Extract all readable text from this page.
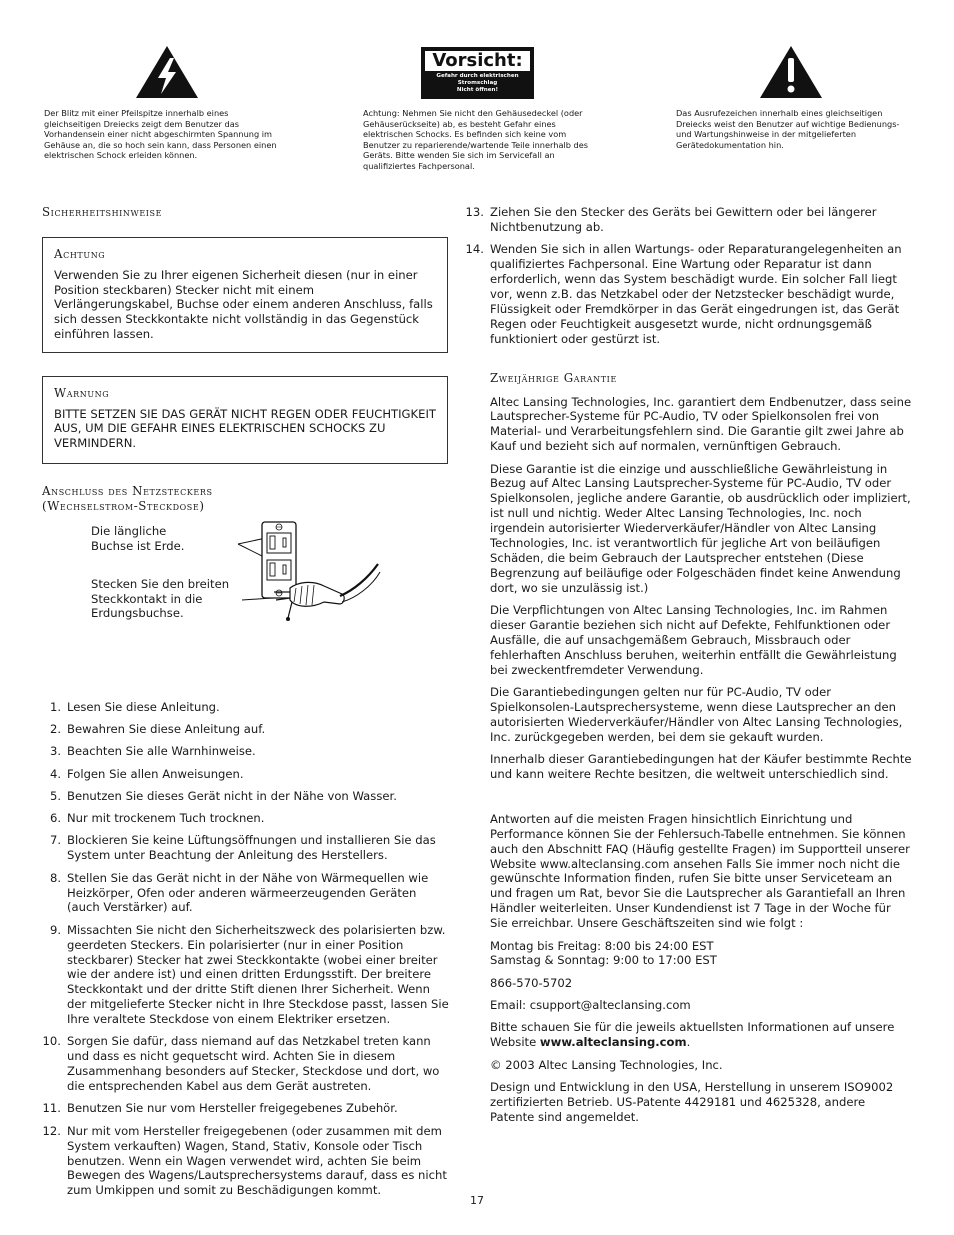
Der Blitz mit einer Pfeilspitze innerhalb eines gleichseitigen Dreiecks zeigt dem Benutzer das Vorhandensein einer nicht abgeschirmten Spannung im Gehäuse an, die so hoch sein kann, dass Personen einen elektrischen Schock erleiden können.

Vorsicht:
Gefahr durch elektrischen
Stromschlag
Nicht öffnen!

Achtung: Nehmen Sie nicht den Gehäusedeckel (oder Gehäuserückseite) ab, es besteht Gefahr eines elektrischen Schocks. Es befinden sich keine vom Benutzer zu reparierende/wartende Teile innerhalb des Geräts. Bitte wenden Sie sich im Servicefall an qualifiziertes Fachpersonal.

Das Ausrufezeichen innerhalb eines gleichseitigen Dreiecks weist den Benutzer auf wichtige Bedienungs- und Wartungshinweise in der mitgelieferten Gerätedokumentation hin.

Sicherheitshinweise
Achtung

Verwenden Sie zu Ihrer eigenen Sicherheit diesen (nur in einer Position steckbaren) Stecker nicht mit einem Verlängerungskabel, Buchse oder einem anderen Anschluss, falls sich dessen Steckkontakte nicht vollständig in das Gegenstück einführen lassen.

Warnung

BITTE SETZEN SIE DAS GERÄT NICHT REGEN ODER FEUCHTIGKEIT AUS, UM DIE GEFAHR EINES ELEKTRISCHEN SCHOCKS ZU VERMINDERN.

Anschluss des Netzsteckers
(Wechselstrom-Steckdose)

Die längliche Buchse ist Erde.

Stecken Sie den breiten Steckkontakt in die Erdungsbuchse.

1. Lesen Sie diese Anleitung.
2. Bewahren Sie diese Anleitung auf.
3. Beachten Sie alle Warnhinweise.
4. Folgen Sie allen Anweisungen.
5. Benutzen Sie dieses Gerät nicht in der Nähe von Wasser.
6. Nur mit trockenem Tuch trocknen.
7. Blockieren Sie keine Lüftungsöffnungen und installieren Sie das System unter Beachtung der Anleitung des Herstellers.
8. Stellen Sie das Gerät nicht in der Nähe von Wärmequellen wie Heizkörper, Ofen oder anderen wärmeerzeugenden Geräten (auch Verstärker) auf.
9. Missachten Sie nicht den Sicherheitszweck des polarisierten bzw. geerdeten Steckers. Ein polarisierter (nur in einer Position steckbarer) Stecker hat zwei Steckkontakte (wobei einer breiter wie der andere ist) und einen dritten Erdungsstift. Der breitere Steckkontakt und der dritte Stift dienen Ihrer Sicherheit. Wenn der mitgelieferte Stecker nicht in Ihre Steckdose passt, lassen Sie Ihre veraltete Steckdose von einem Elektriker ersetzen.
10. Sorgen Sie dafür, dass niemand auf das Netzkabel treten kann und dass es nicht gequetscht wird. Achten Sie in diesem Zusammenhang besonders auf Stecker, Steckdose und dort, wo die entsprechenden Kabel aus dem Gerät austreten.
11. Benutzen Sie nur vom Hersteller freigegebenes Zubehör.
12. Nur mit vom Hersteller freigegebenen (oder zusammen mit dem System verkauften) Wagen, Stand, Stativ, Konsole oder Tisch benutzen. Wenn ein Wagen verwendet wird, achten Sie beim Bewegen des Wagens/Lautsprechersystems darauf, dass es nicht zum Umkippen und somit zu Beschädigungen kommt.
13. Ziehen Sie den Stecker des Geräts bei Gewittern oder bei längerer Nichtbenutzung ab.
14. Wenden Sie sich in allen Wartungs- oder Reparaturangelegenheiten an qualifiziertes Fachpersonal. Eine Wartung oder Reparatur ist dann erforderlich, wenn das System beschädigt wurde. Ein solcher Fall liegt vor, wenn z.B. das Netzkabel oder der Netzstecker beschädigt wurde, Flüssigkeit oder Fremdkörper in das Gerät eingedrungen ist, das Gerät Regen oder Feuchtigkeit ausgesetzt wurde, nicht ordnungsgemäß funktioniert oder gestürzt ist.
Zweijährige Garantie

Altec Lansing Technologies, Inc. garantiert dem Endbenutzer, dass seine Lautsprecher-Systeme für PC-Audio, TV oder Spielkonsolen frei von Material- und Verarbeitungsfehlern sind. Die Garantie gilt zwei Jahre ab Kauf und bezieht sich auf normalen, vernünftigen Gebrauch.

Diese Garantie ist die einzige und ausschließliche Gewährleistung in Bezug auf Altec Lansing Lautsprecher-Systeme für PC-Audio, TV oder Spielkonsolen, jegliche andere Garantie, ob ausdrücklich oder impliziert, ist null und nichtig. Weder Altec Lansing Technologies, Inc. noch irgendein autorisierter Wiederverkäufer/Händler von Altec Lansing Technologies, Inc. ist verantwortlich für jegliche Art von beiläufigen Schäden, die beim Gebrauch der Lautsprecher entstehen (Diese Begrenzung auf beiläufige oder Folgeschäden findet keine Anwendung dort, wo sie unzulässig ist.)

Die Verpflichtungen von Altec Lansing Technologies, Inc. im Rahmen dieser Garantie beziehen sich nicht auf Defekte, Fehlfunktionen oder Ausfälle, die auf unsachgemäßem Gebrauch, Missbrauch oder fehlerhaften Anschluss beruhen, weiterhin entfällt die Gewährleistung bei zweckentfremdeter Verwendung.

Die Garantiebedingungen gelten nur für PC-Audio, TV oder Spielkonsolen-Lautsprechersysteme, wenn diese Lautsprecher an den autorisierten Wiederverkäufer/Händler von Altec Lansing Technologies, Inc. zurückgegeben werden, bei dem sie gekauft wurden.

Innerhalb dieser Garantiebedingungen hat der Käufer bestimmte Rechte und kann weitere Rechte besitzen, die weltweit unterschiedlich sind.

Antworten auf die meisten Fragen hinsichtlich Einrichtung und Performance können Sie der Fehlersuch-Tabelle entnehmen. Sie können auch den Abschnitt FAQ (Häufig gestellte Fragen) im Supportteil unserer Website www.alteclansing.com ansehen Falls Sie immer noch nicht die gewünschte Information finden, rufen Sie bitte unser Serviceteam an und fragen um Rat, bevor Sie die Lautsprecher als Garantiefall an Ihren Händler weiterleiten. Unser Kundendienst ist 7 Tage in der Woche für Sie erreichbar. Unsere Geschäftszeiten sind wie folgt :

Montag bis Freitag: 8:00 bis 24:00 EST
Samstag & Sonntag: 9:00 to 17:00 EST

866-570-5702

Email: csupport@alteclansing.com

Bitte schauen Sie für die jeweils aktuellsten Informationen auf unsere Website www.alteclansing.com.

© 2003 Altec Lansing Technologies, Inc.

Design und Entwicklung in den USA, Herstellung in unserem ISO9002 zertifizierten Betrieb. US-Patente 4429181 und 4625328, andere Patente sind angemeldet.

17
